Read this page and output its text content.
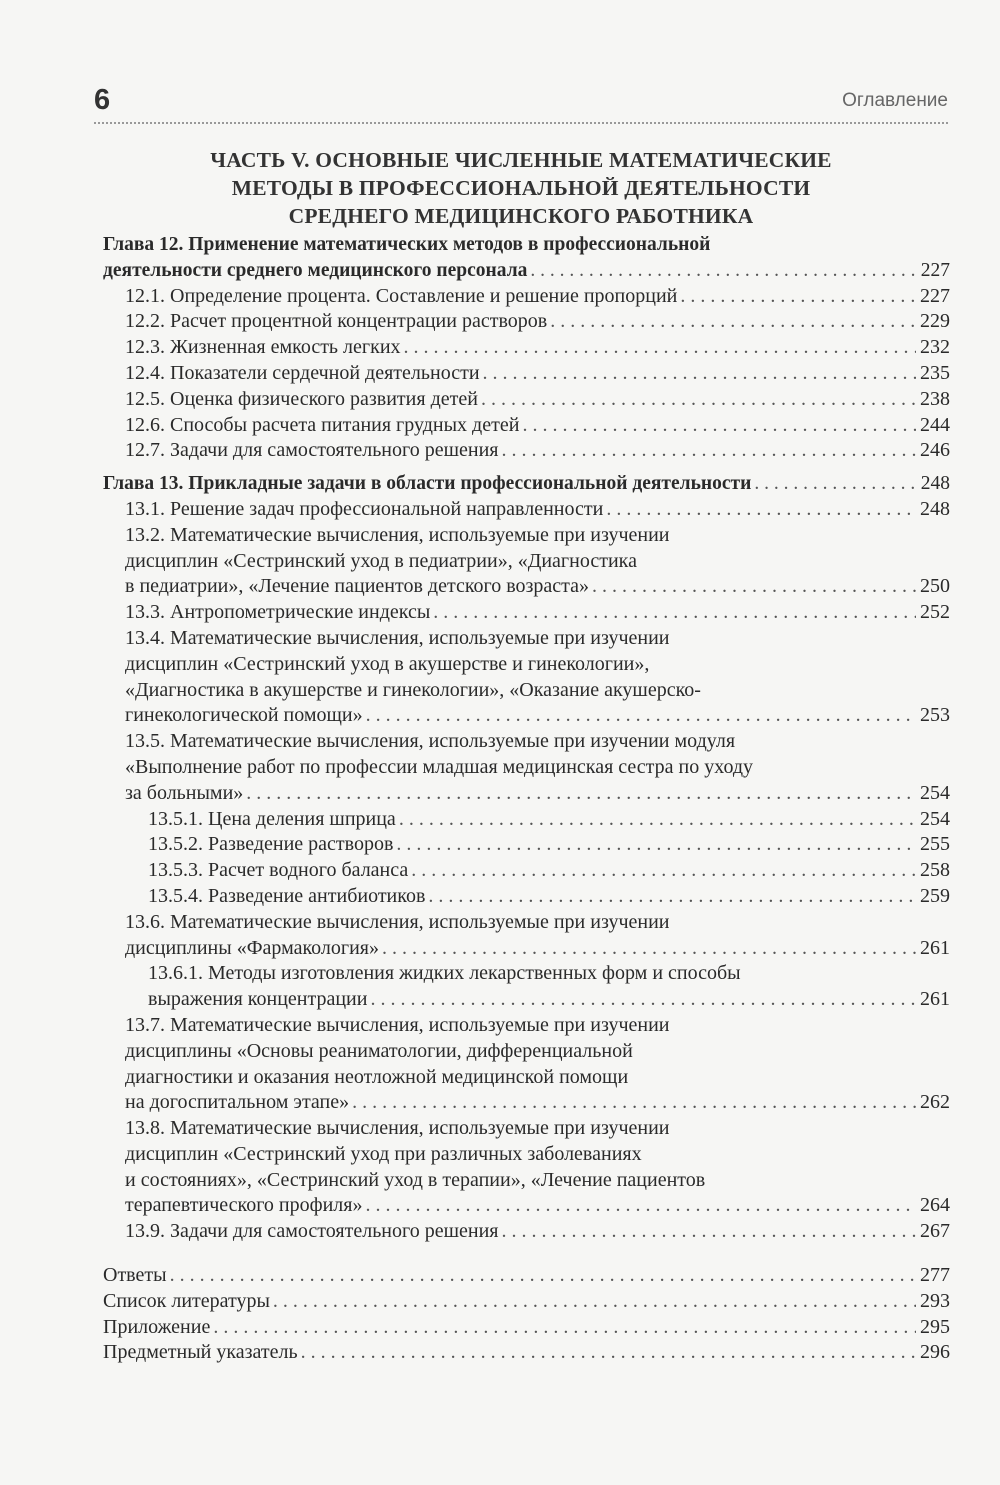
6	Оглавление
ЧАСТЬ V. ОСНОВНЫЕ ЧИСЛЕННЫЕ МАТЕМАТИЧЕСКИЕ
МЕТОДЫ В ПРОФЕССИОНАЛЬНОЙ ДЕЯТЕЛЬНОСТИ
СРЕДНЕГО МЕДИЦИНСКОГО РАБОТНИКА
Глава 12. Применение математических методов в профессиональной
деятельности среднего медицинского персонала . . .	227
12.1. Определение процента. Составление и решение пропорций . . .	227
12.2. Расчет процентной концентрации растворов . . .	229
12.3. Жизненная емкость легких . . .	232
12.4. Показатели сердечной деятельности . . .	235
12.5. Оценка физического развития детей . . .	238
12.6. Способы расчета питания грудных детей . . .	244
12.7. Задачи для самостоятельного решения . . .	246
Глава 13. Прикладные задачи в области профессиональной деятельности . . .	248
13.1. Решение задач профессиональной направленности . . .	248
13.2. Математические вычисления, используемые при изучении
дисциплин «Сестринский уход в педиатрии», «Диагностика
в педиатрии», «Лечение пациентов детского возраста» . . .	250
13.3. Антропометрические индексы . . .	252
13.4. Математические вычисления, используемые при изучении
дисциплин «Сестринский уход в акушерстве и гинекологии»,
«Диагностика в акушерстве и гинекологии», «Оказание акушерско-
гинекологической помощи» . . .	253
13.5. Математические вычисления, используемые при изучении модуля
«Выполнение работ по профессии младшая медицинская сестра по уходу
за больными» . . .	254
13.5.1. Цена деления шприца . . .	254
13.5.2. Разведение растворов . . .	255
13.5.3. Расчет водного баланса . . .	258
13.5.4. Разведение антибиотиков . . .	259
13.6. Математические вычисления, используемые при изучении
дисциплины «Фармакология» . . .	261
13.6.1. Методы изготовления жидких лекарственных форм и способы
выражения концентрации . . .	261
13.7. Математические вычисления, используемые при изучении
дисциплины «Основы реаниматологии, дифференциальной
диагностики и оказания неотложной медицинской помощи
на догоспитальном этапе» . . .	262
13.8. Математические вычисления, используемые при изучении
дисциплин «Сестринский уход при различных заболеваниях
и состояниях», «Сестринский уход в терапии», «Лечение пациентов
терапевтического профиля» . . .	264
13.9. Задачи для самостоятельного решения . . .	267
Ответы . . .	277
Список литературы . . .	293
Приложение . . .	295
Предметный указатель . . .	296
